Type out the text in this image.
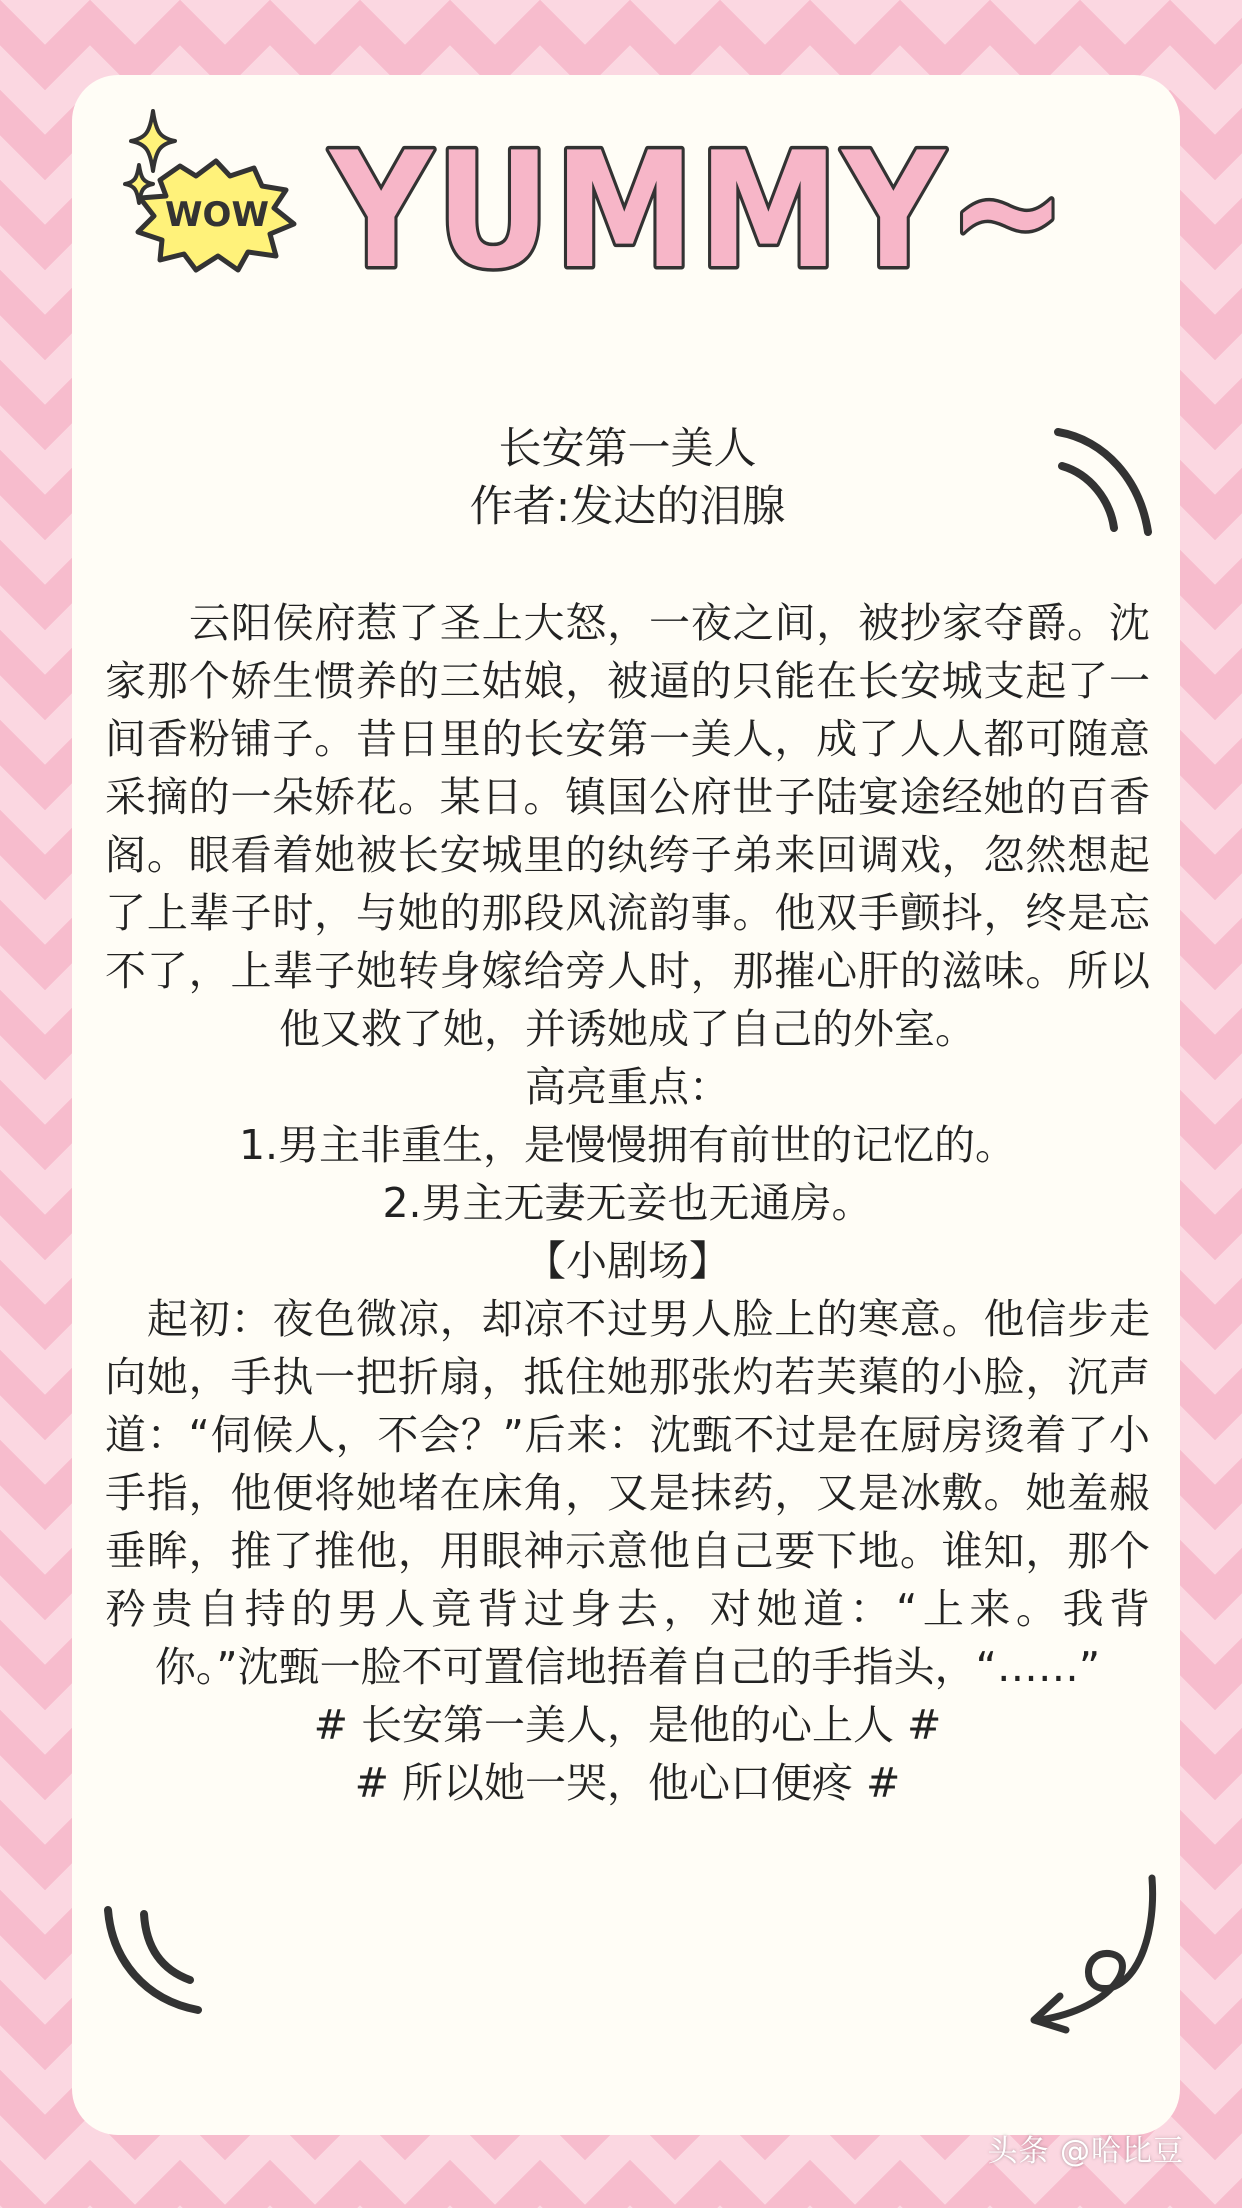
WOW YUMMY~
长安第一美人
作者:发达的泪腺

云阳侯府惹了圣上大怒，一夜之间，被抄家夺爵。沈家那个娇生惯养的三姑娘，被逼的只能在长安城支起了一间香粉铺子。昔日里的长安第一美人，成了人人都可随意采摘的一朵娇花。某日。镇国公府世子陆宴途经她的百香阁。眼看着她被长安城里的纨绔子弟来回调戏，忽然想起了上辈子时，与她的那段风流韵事。他双手颤抖，终是忘不了，上辈子她转身嫁给旁人时，那摧心肝的滋味。所以他又救了她，并诱她成了自己的外室。

高亮重点：

1.男主非重生，是慢慢拥有前世的记忆的。

2.男主无妻无妾也无通房。

【小剧场】

起初：夜色微凉，却凉不过男人脸上的寒意。他信步走向她，手执一把折扇，抵住她那张灼若芙蕖的小脸，沉声道：“伺候人，不会？”后来：沈甄不过是在厨房烫着了小手指，他便将她堵在床角，又是抹药，又是冰敷。她羞赧垂眸，推了推他，用眼神示意他自己要下地。谁知，那个矜贵自持的男人竟背过身去，对她道：“上来。我背你。”沈甄一脸不可置信地捂着自己的手指头，“……”

# 长安第一美人，是他的心上人 #

# 所以她一哭，他心口便疼 #

头条 @哈比豆
